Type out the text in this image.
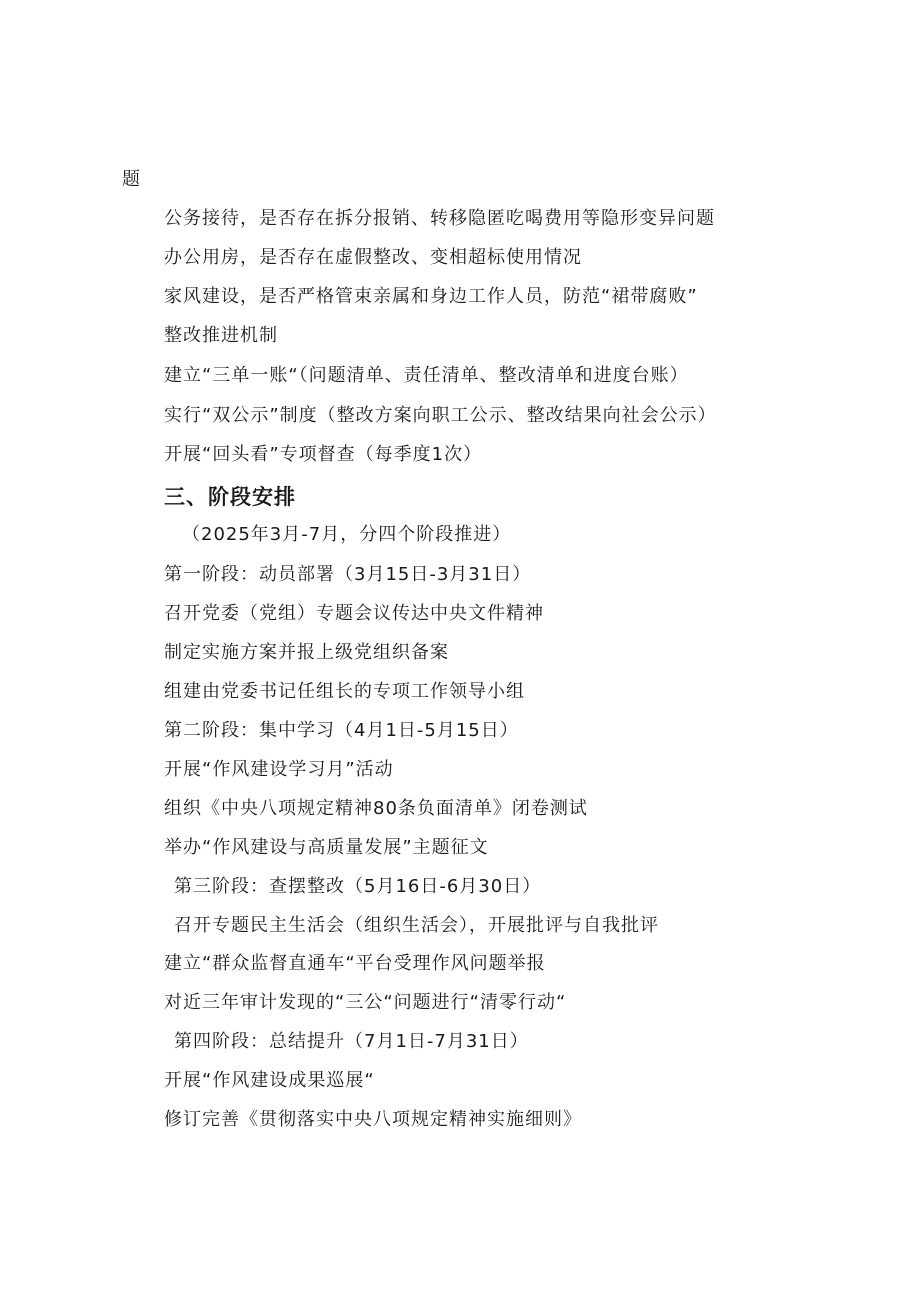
题
公务接待，是否存在拆分报销、转移隐匿吃喝费用等隐形变异问题
办公用房，是否存在虚假整改、变相超标使用情况
家风建设，是否严格管束亲属和身边工作人员，防范“裙带腐败”
整改推进机制
建立“三单一账“（问题清单、责任清单、整改清单和进度台账）
实行“双公示”制度（整改方案向职工公示、整改结果向社会公示）
开展“回头看”专项督查（每季度1次）
三、阶段安排
（2025年3月-7月，分四个阶段推进）
第一阶段：动员部署（3月15日-3月31日）
召开党委（党组）专题会议传达中央文件精神
制定实施方案并报上级党组织备案
组建由党委书记任组长的专项工作领导小组
第二阶段：集中学习（4月1日-5月15日）
开展“作风建设学习月”活动
组织《中央八项规定精神80条负面清单》闭卷测试
举办“作风建设与高质量发展”主题征文
第三阶段：查摆整改（5月16日-6月30日）
召开专题民主生活会（组织生活会），开展批评与自我批评
建立“群众监督直通车“平台受理作风问题举报
对近三年审计发现的“三公“问题进行“清零行动“
第四阶段：总结提升（7月1日-7月31日）
开展“作风建设成果巡展“
修订完善《贯彻落实中央八项规定精神实施细则》
